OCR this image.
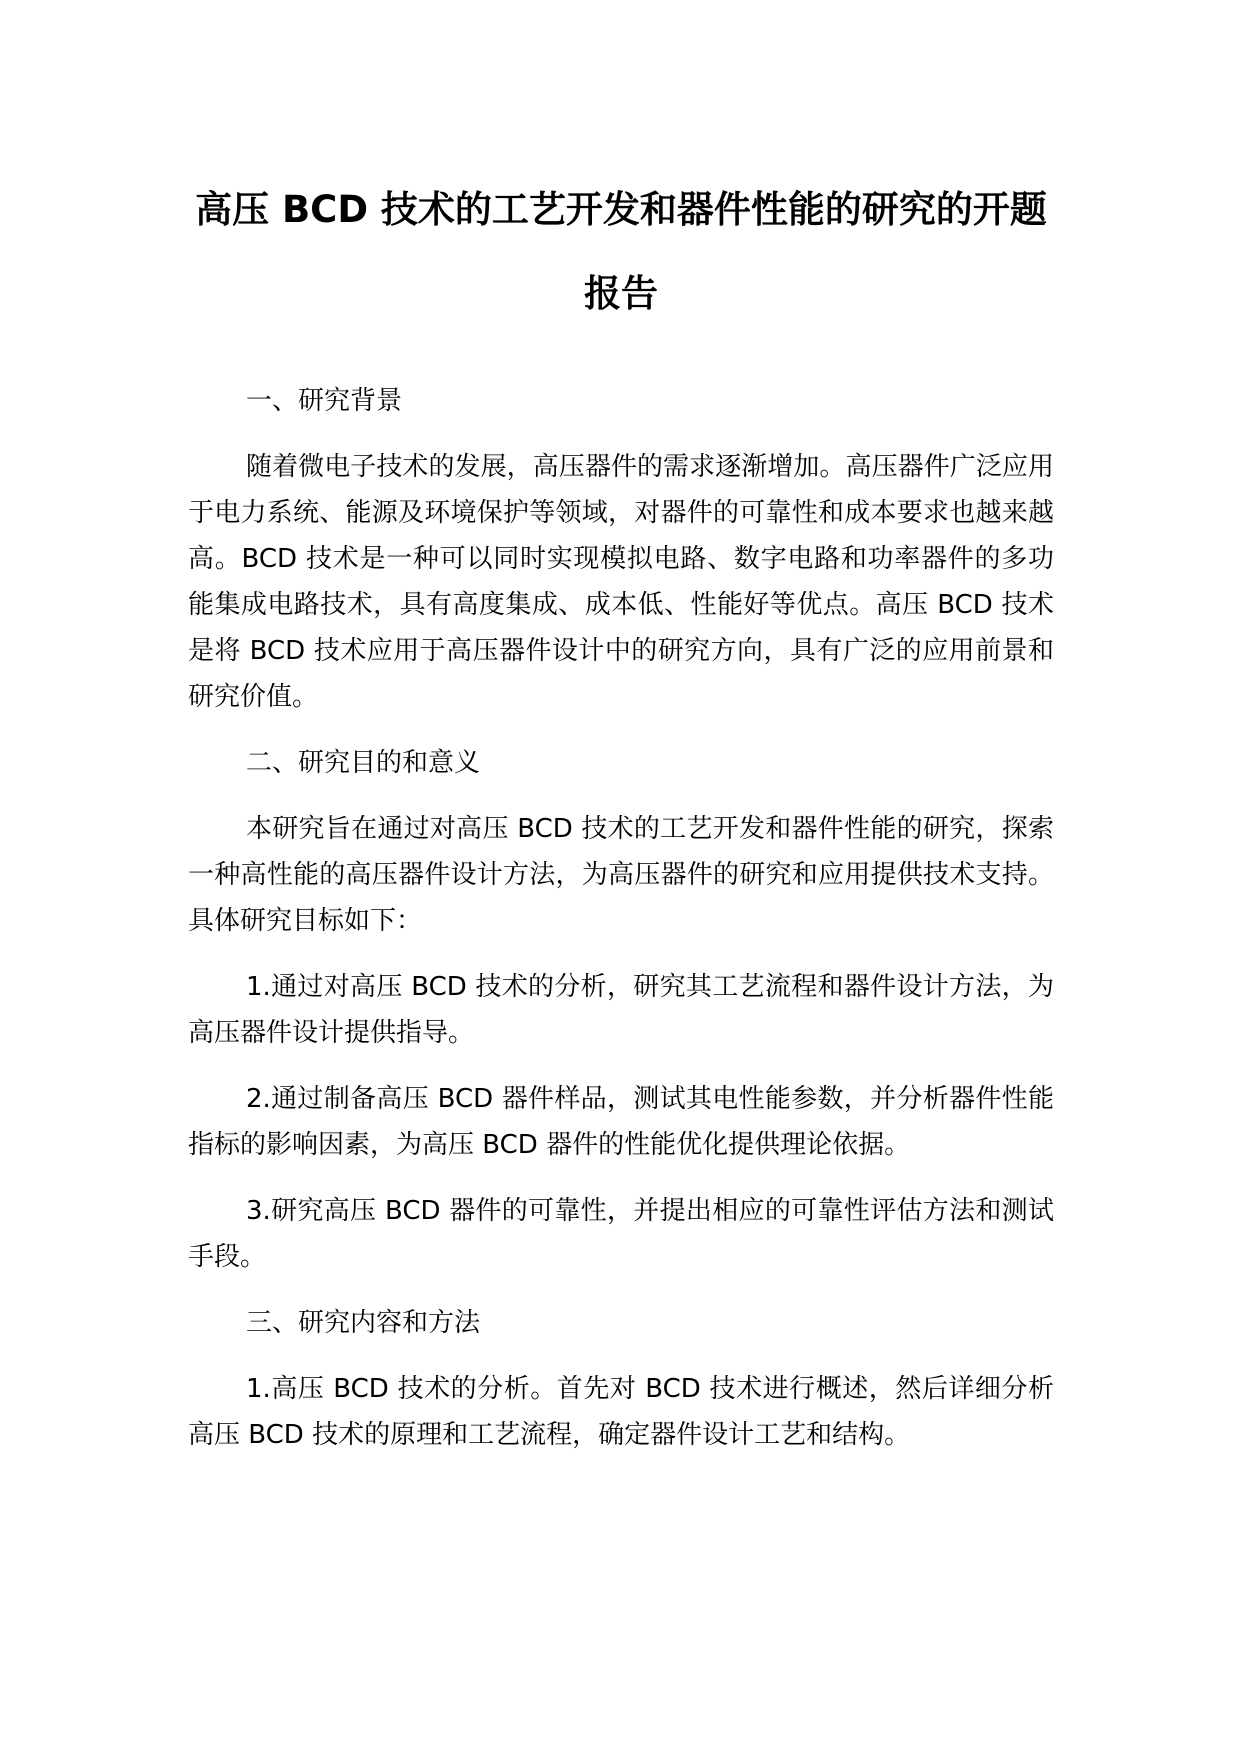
高压 BCD 技术的工艺开发和器件性能的研究的开题报告

一、研究背景

随着微电子技术的发展，高压器件的需求逐渐增加。高压器件广泛应用于电力系统、能源及环境保护等领域，对器件的可靠性和成本要求也越来越高。BCD 技术是一种可以同时实现模拟电路、数字电路和功率器件的多功能集成电路技术，具有高度集成、成本低、性能好等优点。高压 BCD 技术是将 BCD 技术应用于高压器件设计中的研究方向，具有广泛的应用前景和研究价值。

二、研究目的和意义

本研究旨在通过对高压 BCD 技术的工艺开发和器件性能的研究，探索一种高性能的高压器件设计方法，为高压器件的研究和应用提供技术支持。具体研究目标如下：

1.通过对高压 BCD 技术的分析，研究其工艺流程和器件设计方法，为高压器件设计提供指导。

2.通过制备高压 BCD 器件样品，测试其电性能参数，并分析器件性能指标的影响因素，为高压 BCD 器件的性能优化提供理论依据。

3.研究高压 BCD 器件的可靠性，并提出相应的可靠性评估方法和测试手段。

三、研究内容和方法

1.高压 BCD 技术的分析。首先对 BCD 技术进行概述，然后详细分析高压 BCD 技术的原理和工艺流程，确定器件设计工艺和结构。
